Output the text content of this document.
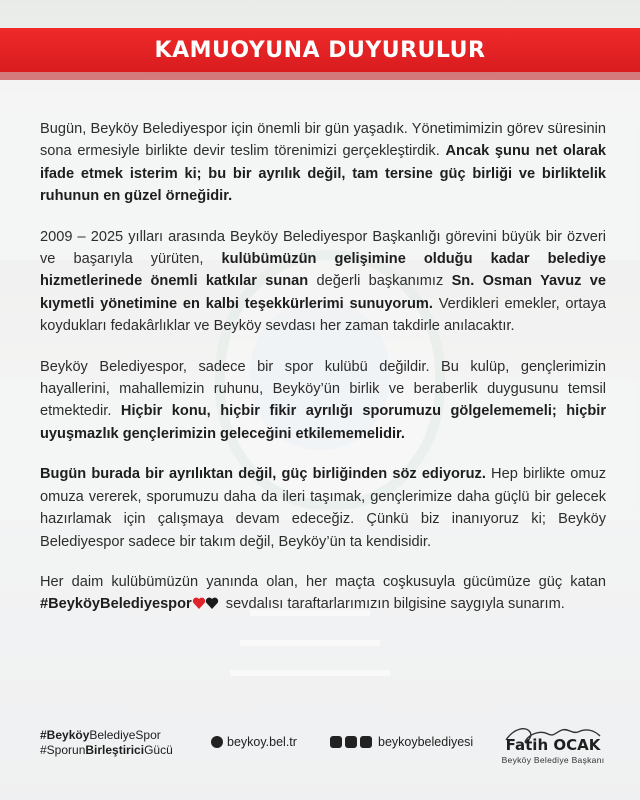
KAMUOYUNA DUYURULUR

Bugün, Beyköy Belediyespor için önemli bir gün yaşadık. Yönetimimizin görev süresinin sona ermesiyle birlikte devir teslim törenimizi gerçekleştirdik. Ancak şunu net olarak ifade etmek isterim ki; bu bir ayrılık değil, tam tersine güç birliği ve birliktelik ruhunun en güzel örneğidir.

2009 – 2025 yılları arasında Beyköy Belediyespor Başkanlığı görevini büyük bir özveri ve başarıyla yürüten, kulübümüzün gelişimine olduğu kadar belediye hizmetlerinede önemli katkılar sunan değerli başkanımız Sn. Osman Yavuz ve kıymetli yönetimine en kalbi teşekkürlerimi sunuyorum. Verdikleri emekler, ortaya koydukları fedakârlıklar ve Beyköy sevdası her zaman takdirle anılacaktır.

Beyköy Belediyespor, sadece bir spor kulübü değildir. Bu kulüp, gençlerimizin hayallerini, mahallemizin ruhunu, Beyköy’ün birlik ve beraberlik duygusunu temsil etmektedir. Hiçbir konu, hiçbir fikir ayrılığı sporumuzu gölgelememeli; hiçbir uyuşmazlık gençlerimizin geleceğini etkilememelidir.

Bugün burada bir ayrılıktan değil, güç birliğinden söz ediyoruz. Hep birlikte omuz omuza vererek, sporumuzu daha da ileri taşımak, gençlerimize daha güçlü bir gelecek hazırlamak için çalışmaya devam edeceğiz. Çünkü biz inanıyoruz ki; Beyköy Belediyespor sadece bir takım değil, Beyköy’ün ta kendisidir.

Her daim kulübümüzün yanında olan, her maçta coşkusuyla gücümüze güç katan #BeyköyBelediyespor sevdalısı taraftarlarımızın bilgisine saygıyla sunarım.

#BeyköyBelediyeSpor
#SporunBirleştiriciGücü
beykoy.bel.tr	beykoybelediyesi	Fatih OCAK
Beyköy Belediye Başkanı
